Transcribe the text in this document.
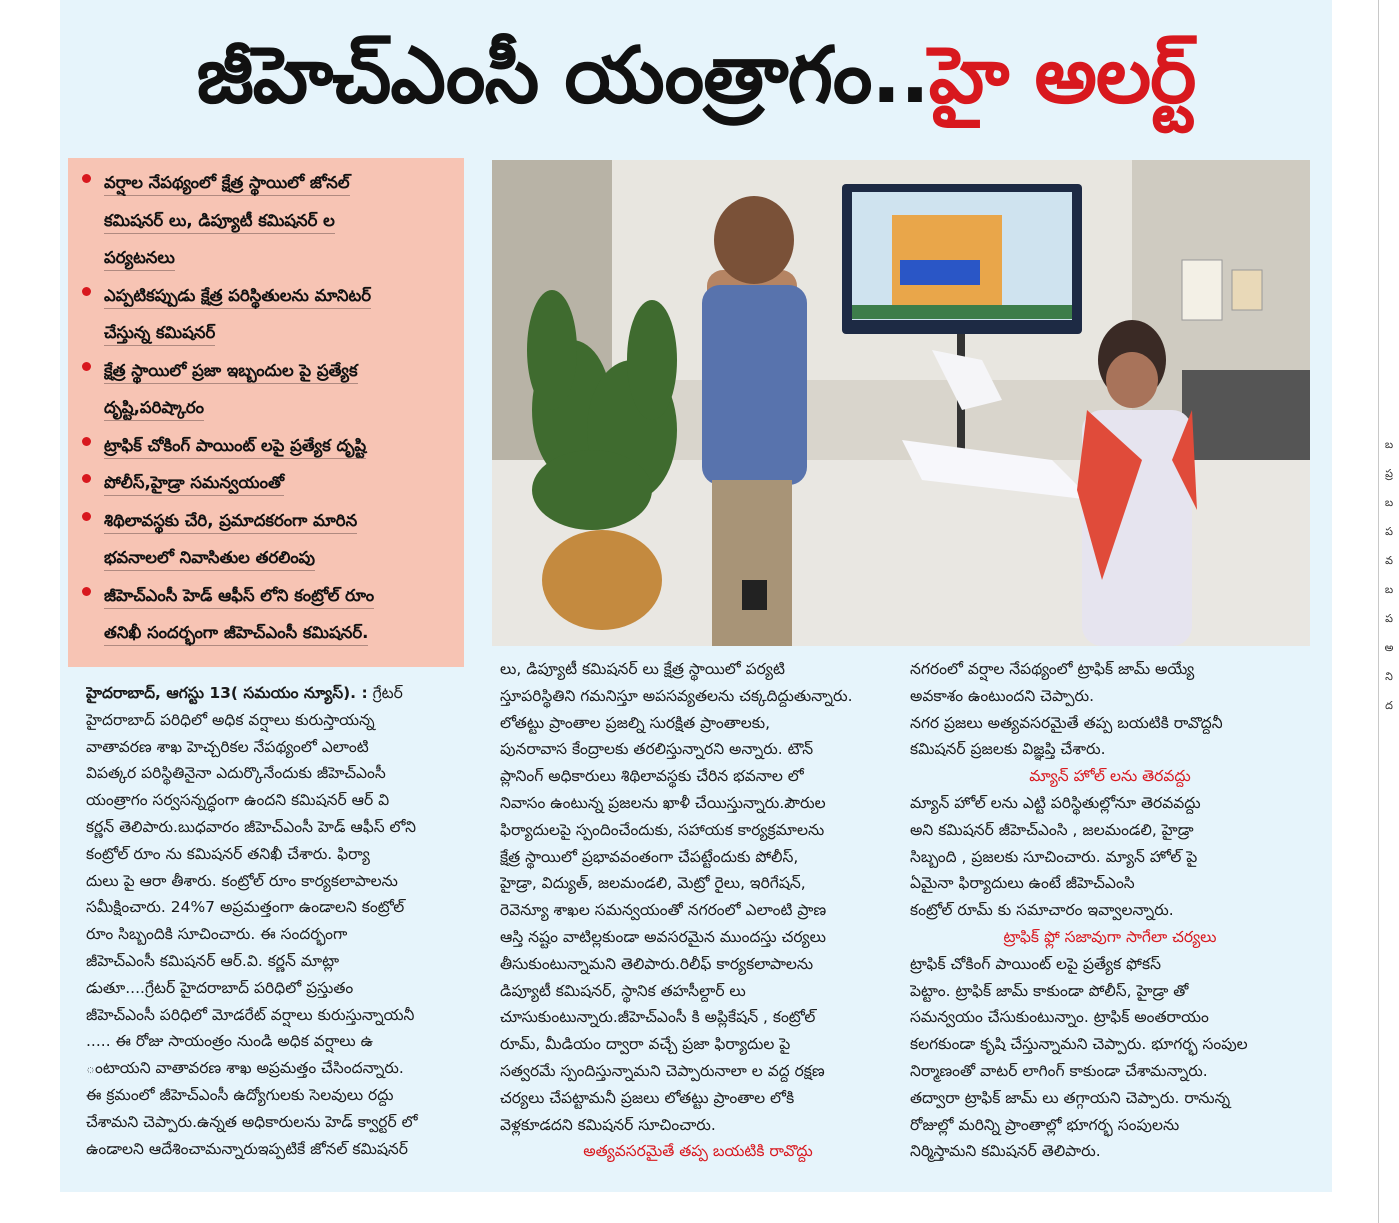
జీహెచ్ఎంసీ యంత్రాగం..హై అలర్ట్
వర్షాల నేపథ్యంలో క్షేత్ర స్థాయిలో జోనల్
కమిషనర్ లు, డిప్యూటీ కమిషనర్ ల
పర్యటనలు
ఎప్పటికప్పుడు క్షేత్ర పరిస్థితులను మానిటర్
చేస్తున్న కమిషనర్
క్షేత్ర స్థాయిలో ప్రజా ఇబ్బందుల పై ప్రత్యేక
దృష్టి,పరిష్కారం
ట్రాఫిక్ చోకింగ్ పాయింట్ లపై ప్రత్యేక దృష్టి
పోలీస్,హైడ్రా సమన్వయంతో
శిథిలావస్థకు చేరి, ప్రమాదకరంగా మారిన
భవనాలలో నివాసితుల తరలింపు
జీహెచ్ఎంసీ హెడ్ ఆఫీస్ లోని కంట్రోల్ రూం
తనిఖీ సందర్భంగా జీహెచ్ఎంసీ కమిషనర్.
హైదరాబాద్, ఆగస్టు 13( సమయం న్యూస్). : గ్రేటర్
హైదరాబాద్ పరిధిలో అధిక వర్షాలు కురుస్తాయన్న
వాతావరణ శాఖ హెచ్చరికల నేపథ్యంలో ఎలాంటి
విపత్కర పరిస్థితినైనా ఎదుర్కొనేందుకు జీహెచ్ఎంసీ
యంత్రాగం సర్వసన్నద్ధంగా ఉందని కమిషనర్ ఆర్ వి
కర్ణన్ తెలిపారు.బుధవారం జీహెచ్ఎంసీ హెడ్ ఆఫీస్ లోని
కంట్రోల్ రూం ను కమిషనర్ తనిఖీ చేశారు. ఫిర్యా
దులు పై ఆరా తీశారు. కంట్రోల్ రూం కార్యకలాపాలను
సమీక్షించారు. 24%7 అప్రమత్తంగా ఉండాలని కంట్రోల్
రూం సిబ్బందికి సూచించారు. ఈ సందర్భంగా
జీహెచ్ఎంసీ కమిషనర్ ఆర్.వి. కర్ణన్ మాట్లా
డుతూ....గ్రేటర్ హైదరాబాద్ పరిధిలో ప్రస్తుతం
జీహెచ్ఎంసీ పరిధిలో మోడరేట్ వర్షాలు కురుస్తున్నాయనీ
..... ఈ రోజు సాయంత్రం నుండి అధిక వర్షాలు ఉ
ంటాయని వాతావరణ శాఖ అప్రమత్తం చేసిందన్నారు.
ఈ క్రమంలో జీహెచ్ఎంసీ ఉద్యోగులకు సెలవులు రద్దు
చేశామని చెప్పారు.ఉన్నత అధికారులను హెడ్ క్వార్టర్ లో
ఉండాలని ఆదేశించామన్నారుఇప్పటికే జోనల్ కమిషనర్
లు, డిప్యూటీ కమిషనర్ లు క్షేత్ర స్థాయిలో పర్యటి
స్తూపరిస్థితిని గమనిస్తూ అపసవ్యతలను చక్కదిద్దుతున్నారు.
లోతట్టు ప్రాంతాల ప్రజల్ని సురక్షిత ప్రాంతాలకు,
పునరావాస కేంద్రాలకు తరలిస్తున్నారని అన్నారు. టౌన్
ప్లానింగ్ అధికారులు శిథిలావస్థకు చేరిన భవనాల లో
నివాసం ఉంటున్న ప్రజలను ఖాళీ చేయిస్తున్నారు.పౌరుల
ఫిర్యాదులపై స్పందించేందుకు, సహాయక కార్యక్రమాలను
క్షేత్ర స్థాయిలో ప్రభావవంతంగా చేపట్టేందుకు పోలీస్,
హైడ్రా, విద్యుత్, జలమండలి, మెట్రో రైలు, ఇరిగేషన్,
రెవెన్యూ శాఖల సమన్వయంతో నగరంలో ఎలాంటి ప్రాణ
ఆస్తి నష్టం వాటిల్లకుండా అవసరమైన ముందస్తు చర్యలు
తీసుకుంటున్నామని తెలిపారు.రిలీఫ్ కార్యకలాపాలను
డిప్యూటీ కమిషనర్, స్థానిక తహసీల్దార్ లు
చూసుకుంటున్నారు.జీహెచ్ఎంసీ కి అప్లికేషన్ , కంట్రోల్
రూమ్, మీడియం ద్వారా వచ్చే ప్రజా ఫిర్యాదుల పై
సత్వరమే స్పందిస్తున్నామని చెప్పారునాలా ల వద్ద రక్షణ
చర్యలు చేపట్టామనీ ప్రజలు లోతట్టు ప్రాంతాల లోకి
వెళ్లకూడదని కమిషనర్ సూచించారు.
అత్యవసరమైతే తప్ప బయటికి రావొద్దు
నగరంలో వర్షాల నేపథ్యంలో ట్రాఫిక్ జామ్ అయ్యే
అవకాశం ఉంటుందని చెప్పారు.
నగర ప్రజలు అత్యవసరమైతే తప్ప బయటికి రావొద్దనీ
కమిషనర్ ప్రజలకు విజ్ఞప్తి చేశారు.
మ్యాన్ హోల్ లను తెరవద్దు
మ్యాన్ హోల్ లను ఎట్టి పరిస్థితుల్లోనూ తెరవవద్దు
అని కమిషనర్ జీహెచ్ఎంసి , జలమండలి, హైడ్రా
సిబ్బంది , ప్రజలకు సూచించారు. మ్యాన్ హోల్ పై
ఏమైనా ఫిర్యాదులు ఉంటే జీహెచ్ఎంసి
కంట్రోల్ రూమ్ కు సమాచారం ఇవ్వాలన్నారు.
ట్రాఫిక్ ఫ్లో సజావుగా సాగేలా చర్యలు
ట్రాఫిక్ చోకింగ్ పాయింట్ లపై ప్రత్యేక ఫోకస్
పెట్టాం. ట్రాఫిక్ జామ్ కాకుండా పోలీస్, హైడ్రా తో
సమన్వయం చేసుకుంటున్నాం. ట్రాఫిక్ అంతరాయం
కలగకుండా కృషి చేస్తున్నామని చెప్పారు. భూగర్భ సంపుల
నిర్మాణంతో వాటర్ లాగింగ్ కాకుండా చేశామన్నారు.
తద్వారా ట్రాఫిక్ జామ్ లు తగ్గాయని చెప్పారు. రానున్న
రోజుల్లో మరిన్ని ప్రాంతాల్లో భూగర్భ సంపులను
నిర్మిస్తామని కమిషనర్ తెలిపారు.
బ
ప్ర
బ
ప
వ
బ
ప
అ
ని
ద
